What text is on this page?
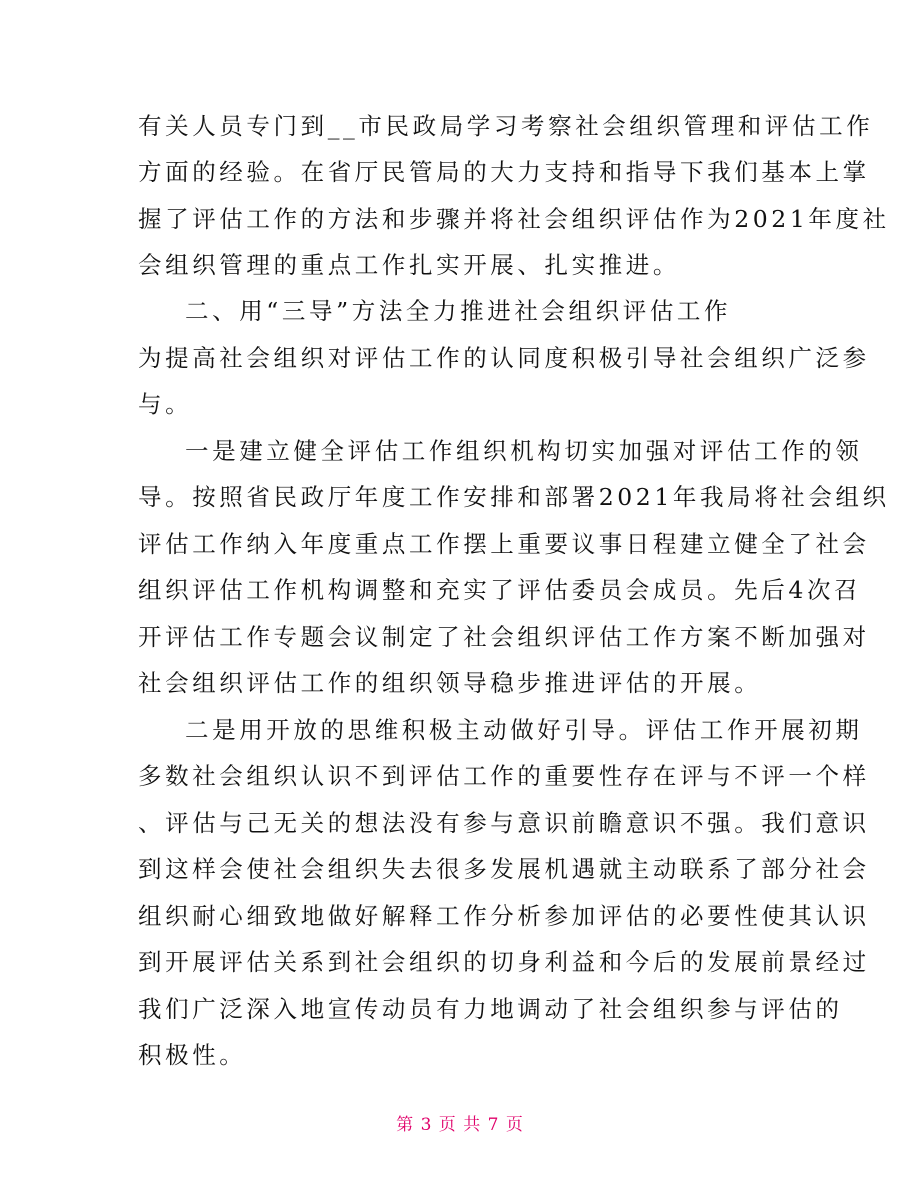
有关人员专门到__市民政局学习考察社会组织管理和评估工作
方面的经验。在省厅民管局的大力支持和指导下我们基本上掌
握了评估工作的方法和步骤并将社会组织评估作为2021年度社
会组织管理的重点工作扎实开展、扎实推进。
二、用“三导”方法全力推进社会组织评估工作
为提高社会组织对评估工作的认同度积极引导社会组织广泛参
与。
一是建立健全评估工作组织机构切实加强对评估工作的领
导。按照省民政厅年度工作安排和部署2021年我局将社会组织
评估工作纳入年度重点工作摆上重要议事日程建立健全了社会
组织评估工作机构调整和充实了评估委员会成员。先后4次召
开评估工作专题会议制定了社会组织评估工作方案不断加强对
社会组织评估工作的组织领导稳步推进评估的开展。
二是用开放的思维积极主动做好引导。评估工作开展初期
多数社会组织认识不到评估工作的重要性存在评与不评一个样
、评估与己无关的想法没有参与意识前瞻意识不强。我们意识
到这样会使社会组织失去很多发展机遇就主动联系了部分社会
组织耐心细致地做好解释工作分析参加评估的必要性使其认识
到开展评估关系到社会组织的切身利益和今后的发展前景经过
我们广泛深入地宣传动员有力地调动了社会组织参与评估的
积极性。
第 3 页 共 7 页
